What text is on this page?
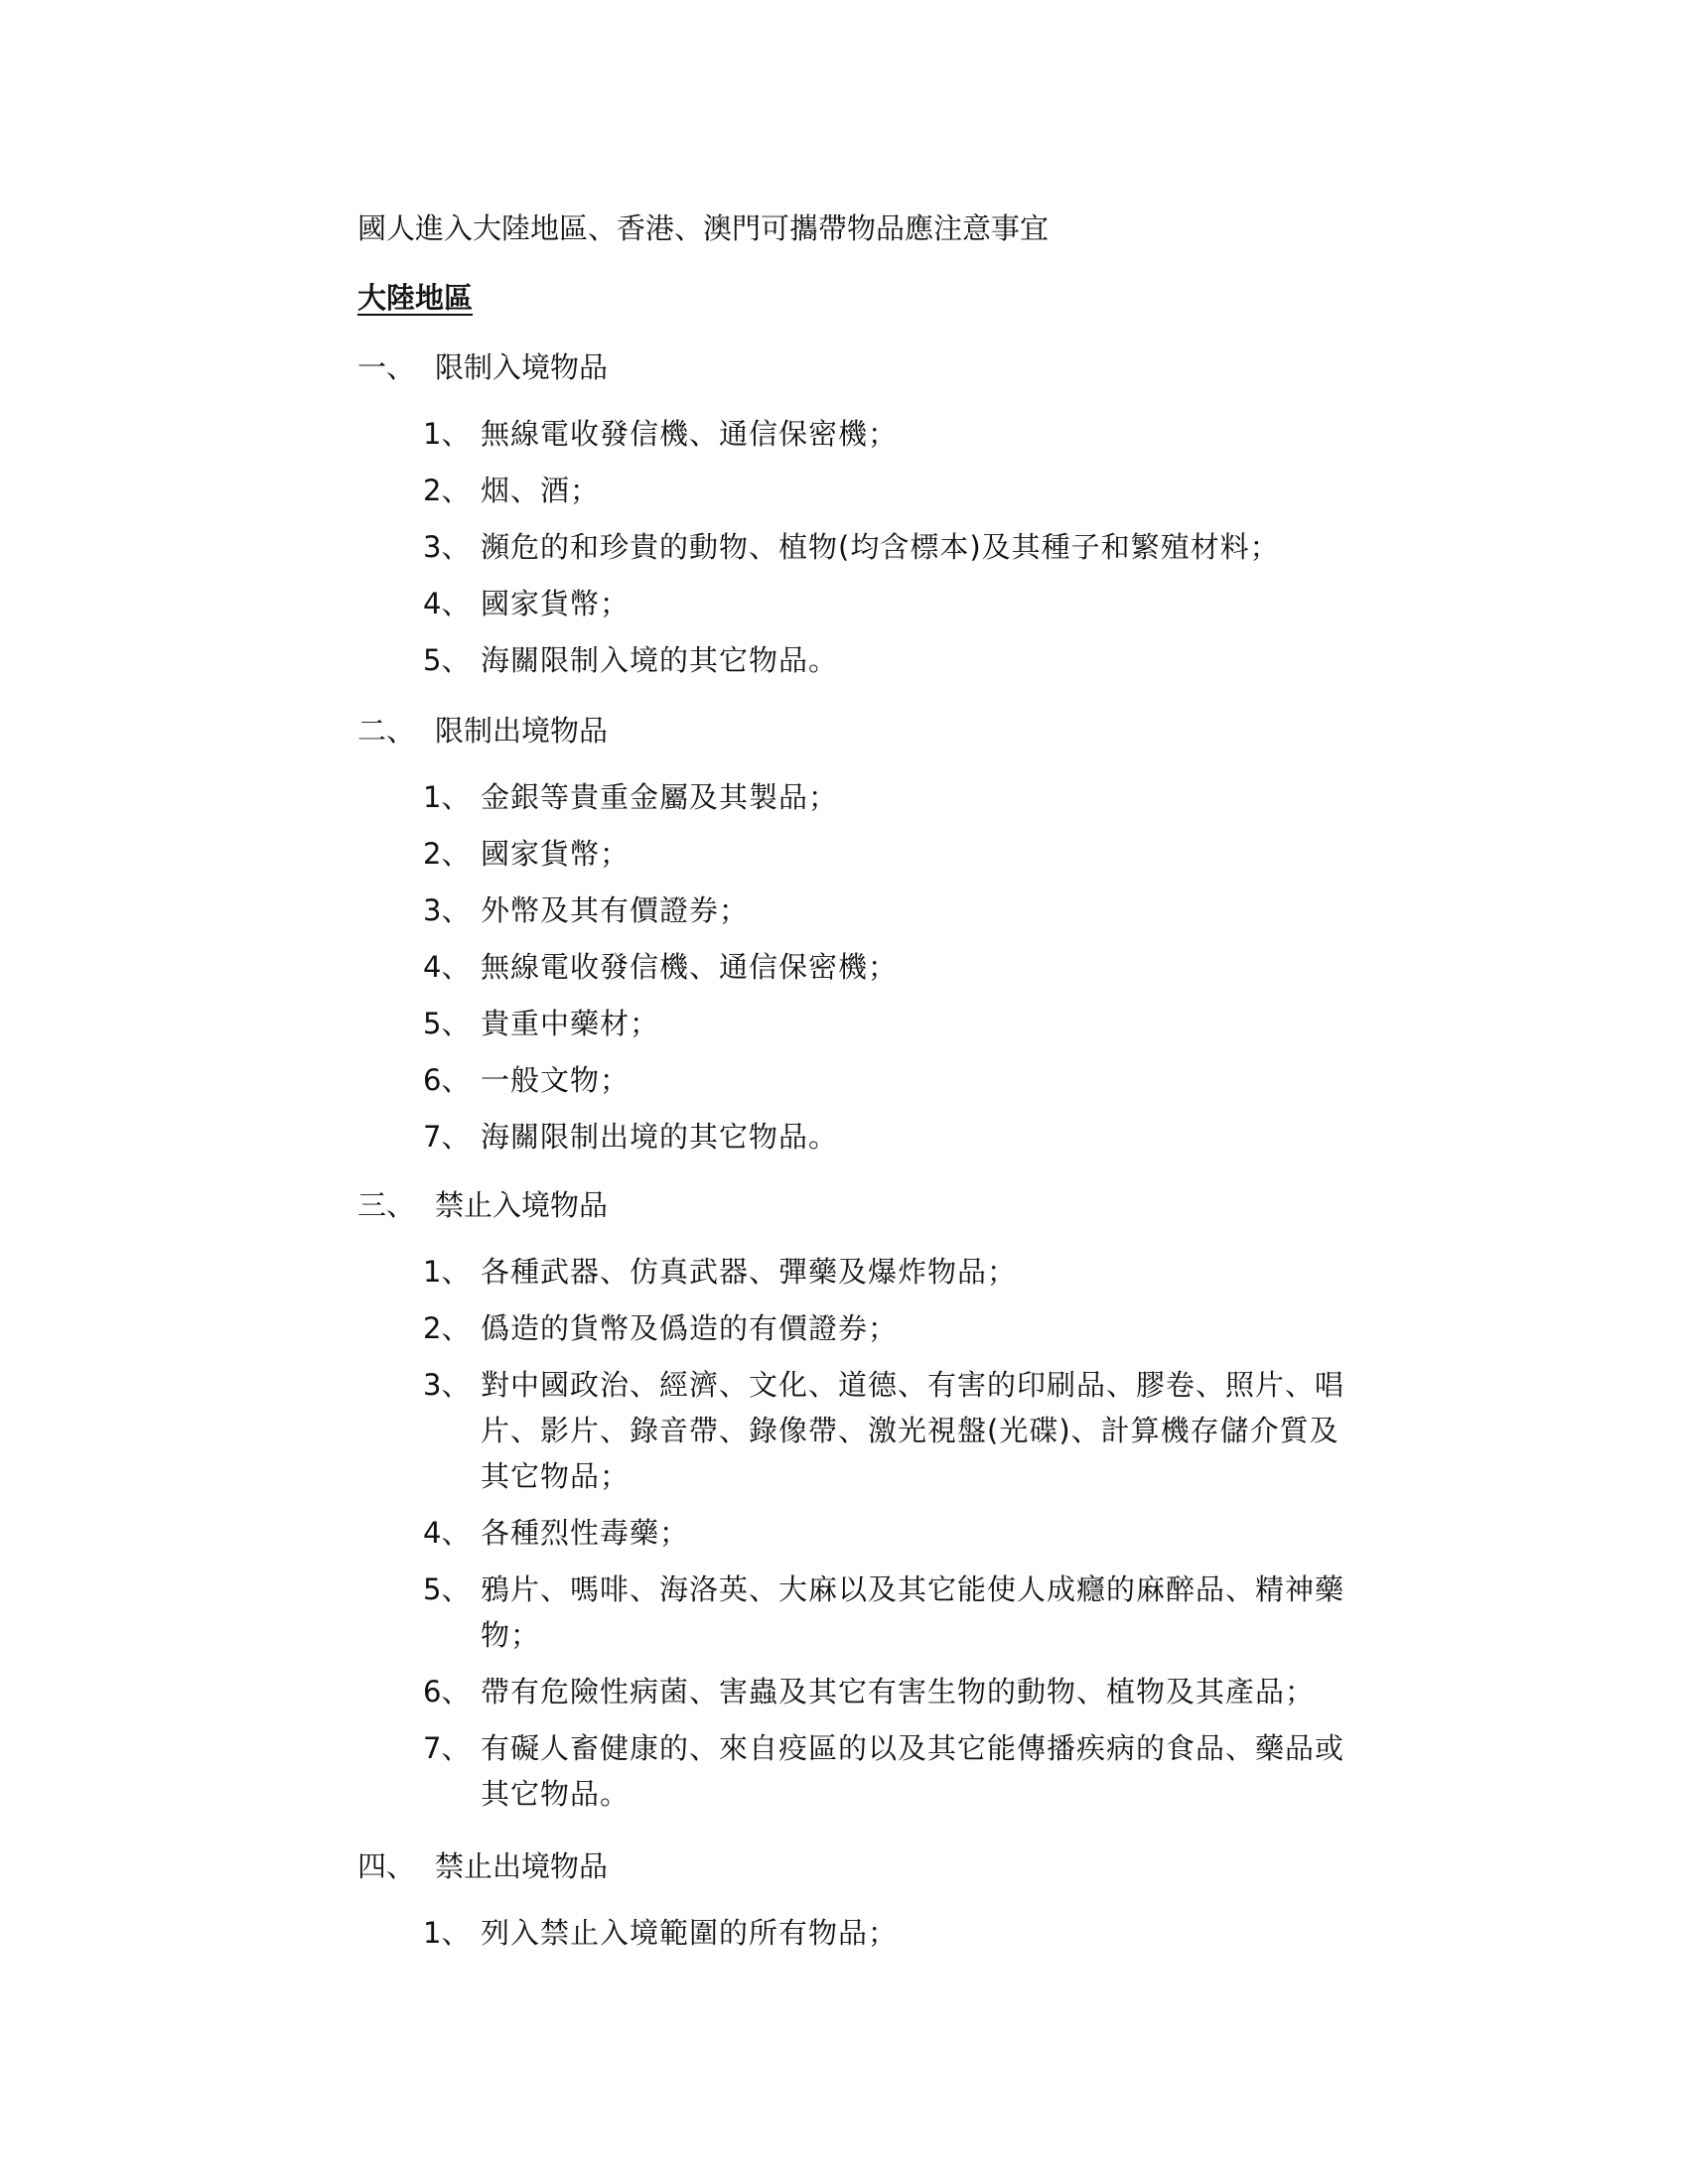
國人進入大陸地區、香港、澳門可攜帶物品應注意事宜
大陸地區
一、 限制入境物品
1、 無線電收發信機、通信保密機；
2、 烟、酒；
3、 瀕危的和珍貴的動物、植物(均含標本)及其種子和繁殖材料；
4、 國家貨幣；
5、 海關限制入境的其它物品。
二、 限制出境物品
1、 金銀等貴重金屬及其製品；
2、 國家貨幣；
3、 外幣及其有價證券；
4、 無線電收發信機、通信保密機；
5、 貴重中藥材；
6、 一般文物；
7、 海關限制出境的其它物品。
三、 禁止入境物品
1、 各種武器、仿真武器、彈藥及爆炸物品；
2、 僞造的貨幣及僞造的有價證券；
3、 對中國政治、經濟、文化、道德、有害的印刷品、膠卷、照片、唱片、影片、錄音帶、錄像帶、激光視盤(光碟)、計算機存儲介質及其它物品；
4、 各種烈性毒藥；
5、 鴉片、嗎啡、海洛英、大麻以及其它能使人成癮的麻醉品、精神藥物；
6、 帶有危險性病菌、害蟲及其它有害生物的動物、植物及其產品；
7、 有礙人畜健康的、來自疫區的以及其它能傳播疾病的食品、藥品或其它物品。
四、 禁止出境物品
1、 列入禁止入境範圍的所有物品；
